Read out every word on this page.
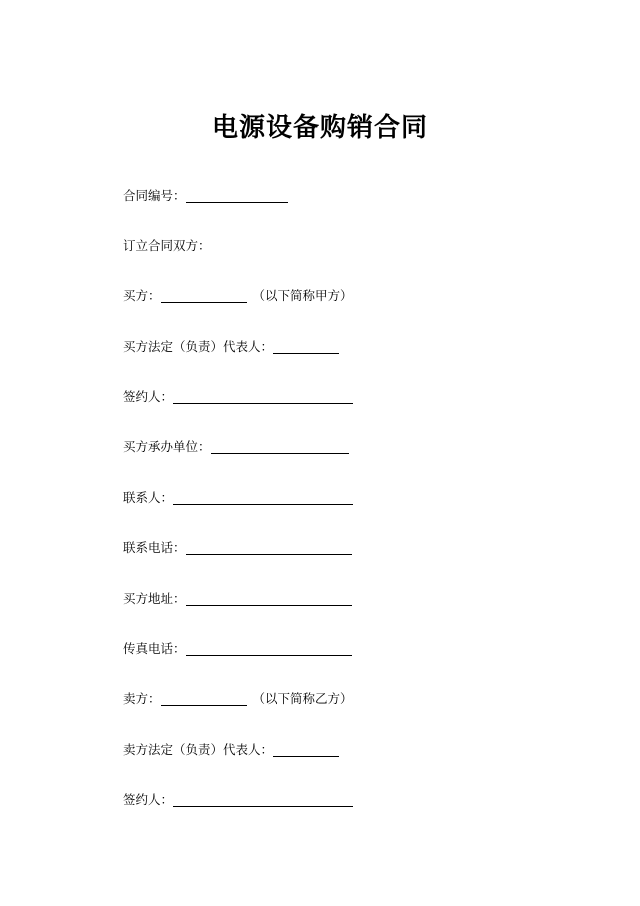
电源设备购销合同
合同编号：
订立合同双方：
买方：	（以下简称甲方）
买方法定（负责）代表人：
签约人：
买方承办单位：
联系人：
联系电话：
买方地址：
传真电话：
卖方：	（以下简称乙方）
卖方法定（负责）代表人：
签约人：
